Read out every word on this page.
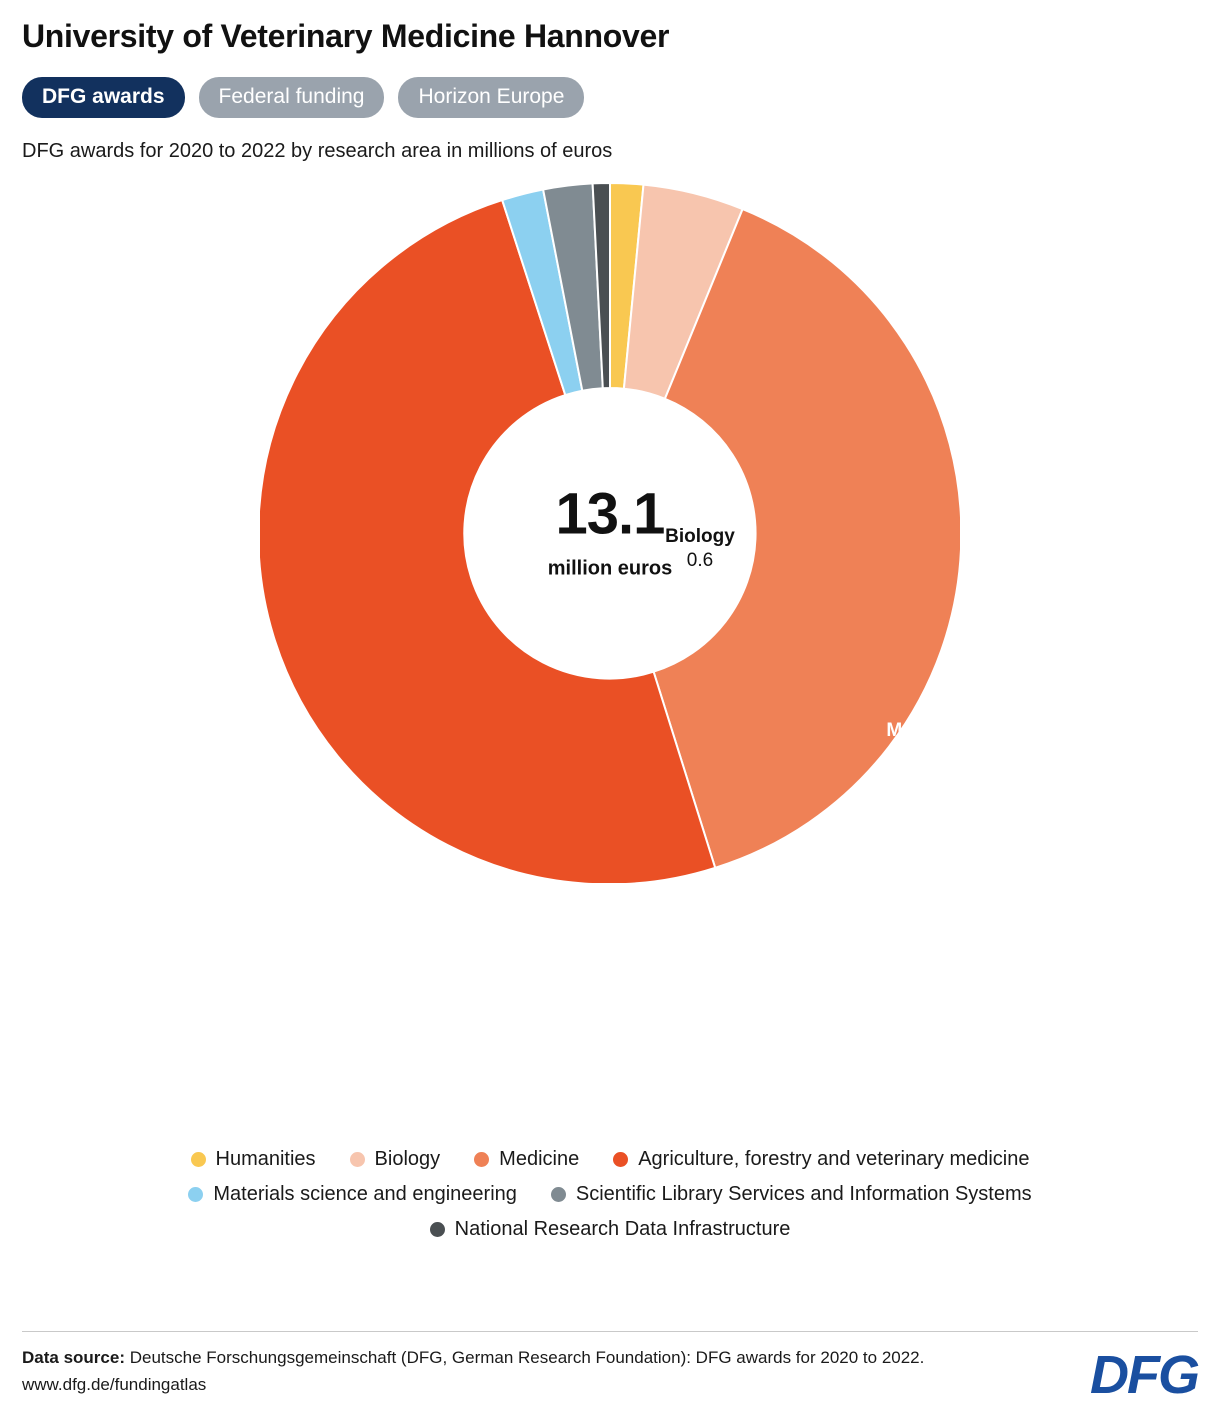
University of Veterinary Medicine Hannover
DFG awards	Federal funding	Horizon Europe
DFG awards for 2020 to 2022 by research area in millions of euros
13.1
million euros
Biology
0.6
Medicine
3.7
Agriculture, forestry and veterinary medicine
7.7
Humanities	Biology	Medicine	Agriculture, forestry and veterinary medicine
Materials science and engineering	Scientific Library Services and Information Systems
National Research Data Infrastructure
Data source: Deutsche Forschungsgemeinschaft (DFG, German Research Foundation): DFG awards for 2020 to 2022.
www.dfg.de/fundingatlas	DFG
